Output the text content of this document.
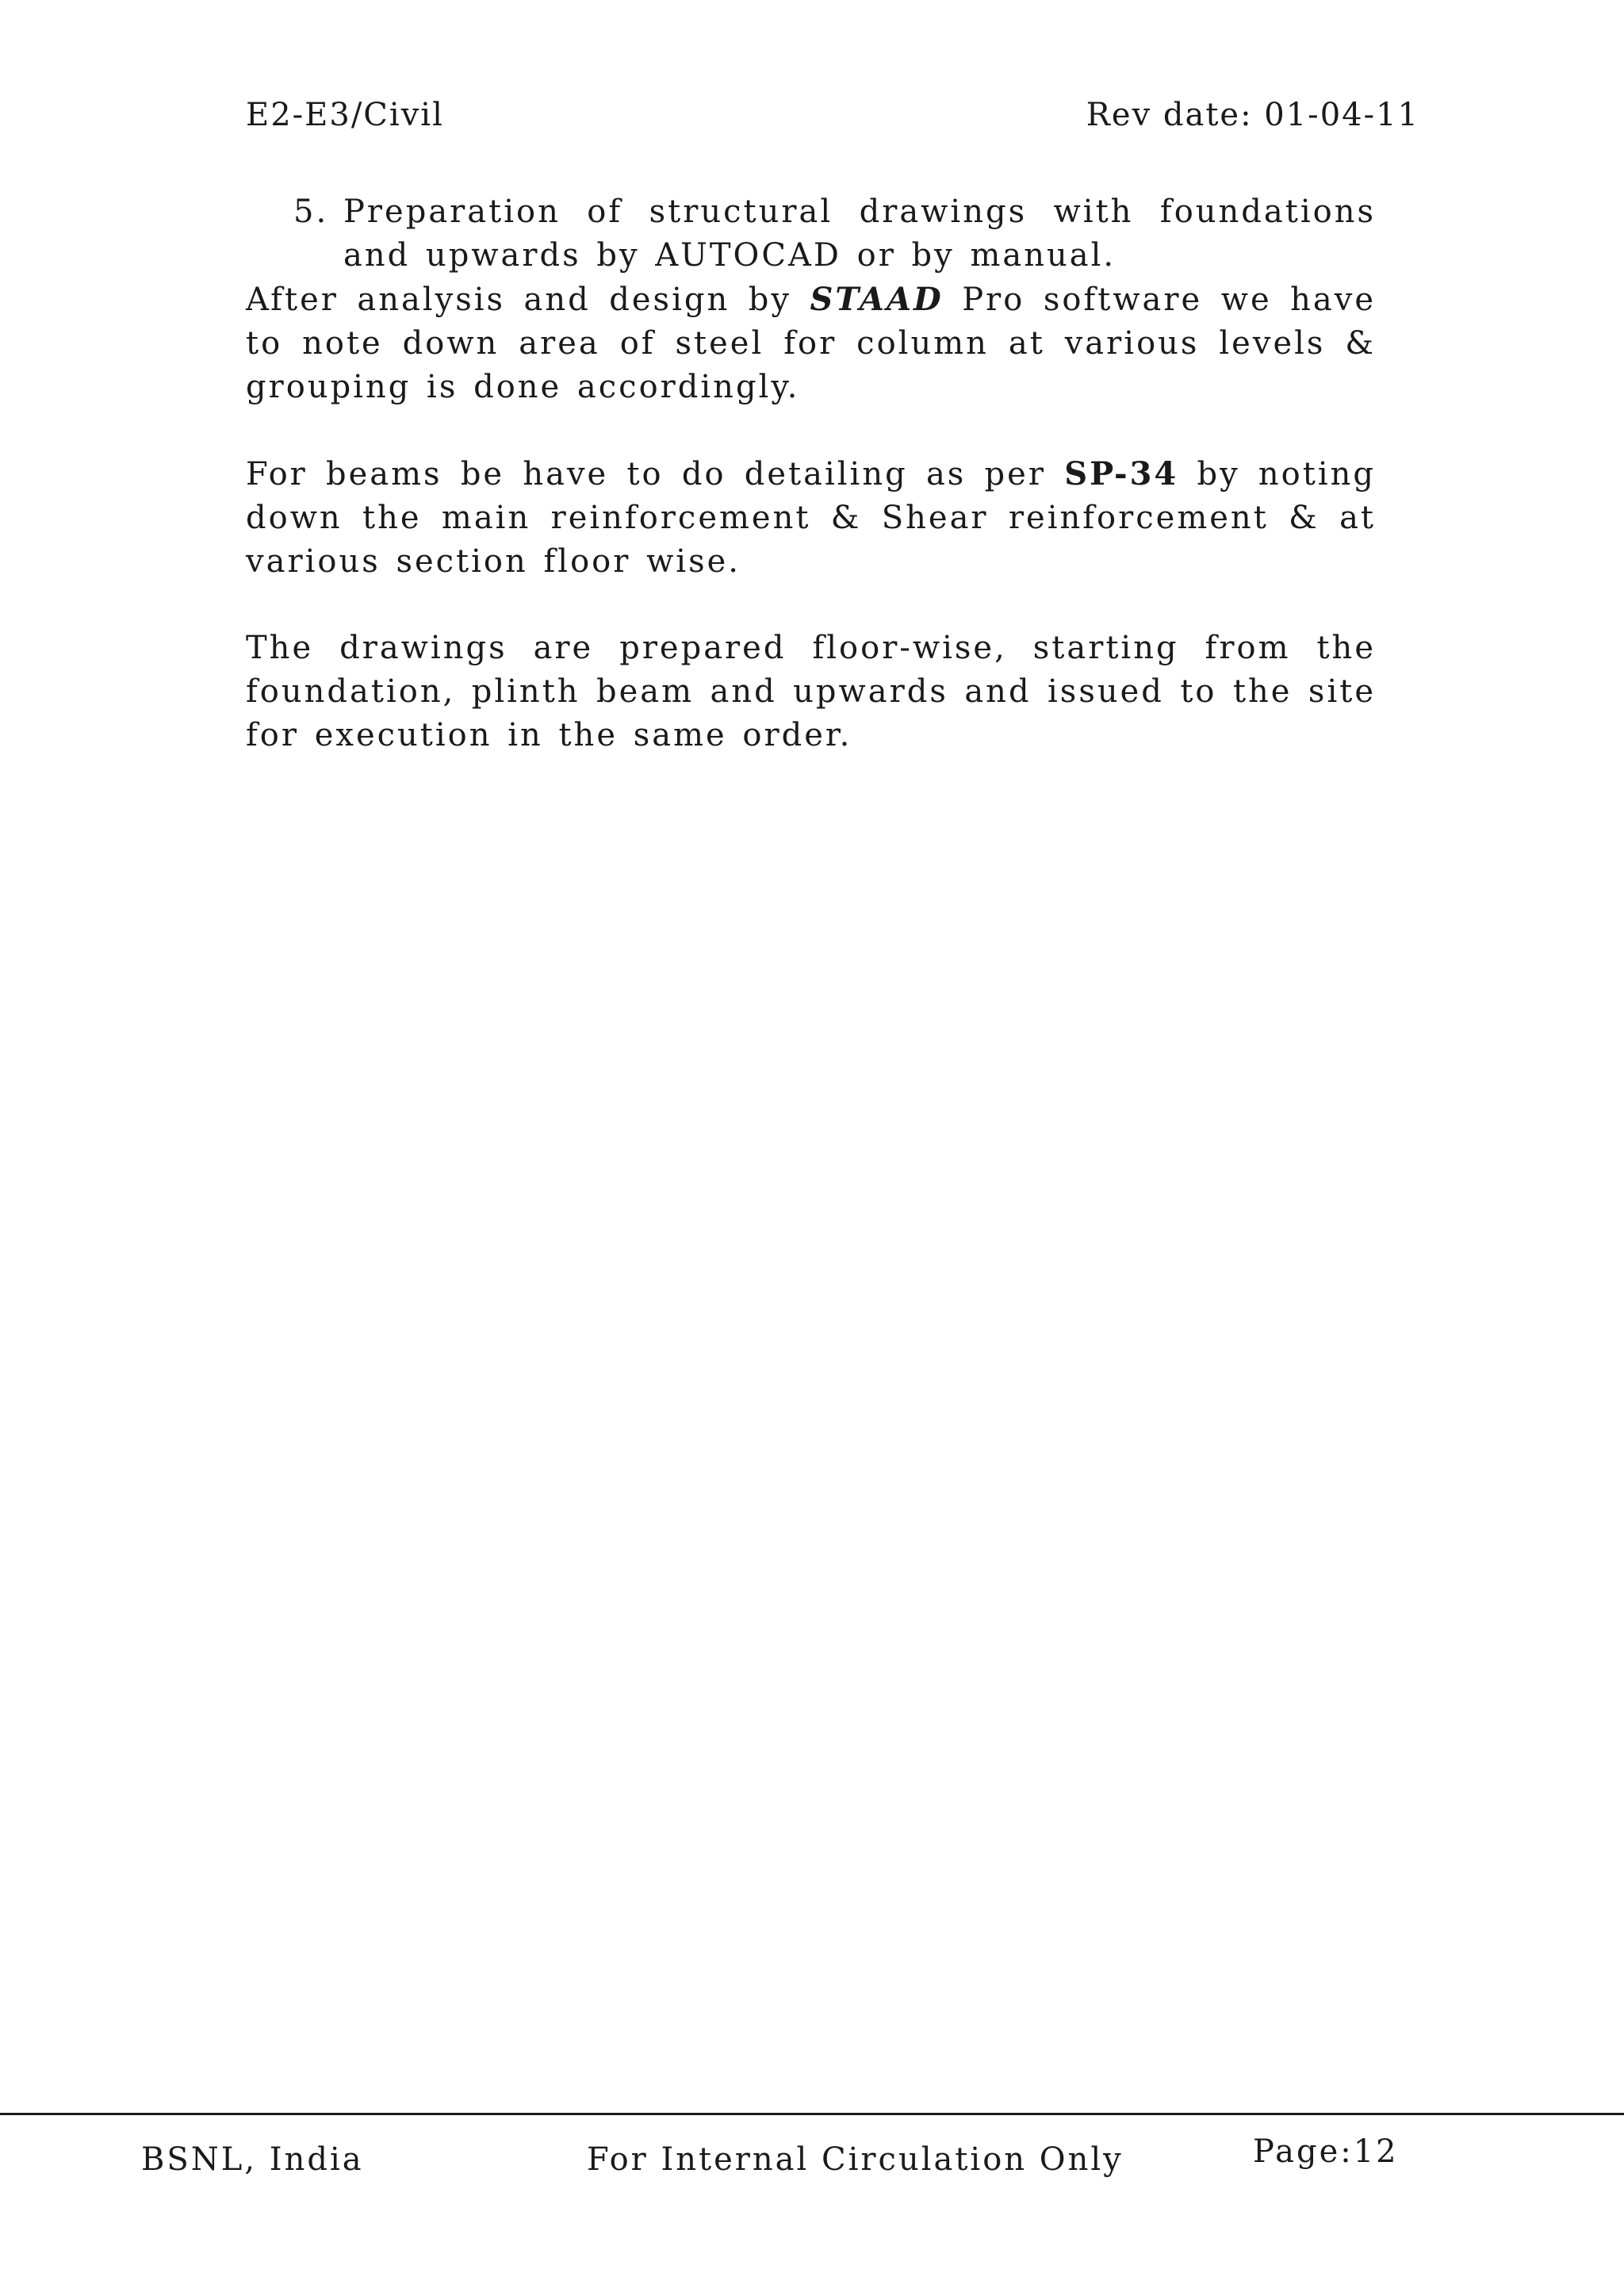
E2-E3/Civil	Rev date: 01-04-11
5. Preparation of structural drawings with foundations and upwards by AUTOCAD or by manual.

After analysis and design by STAAD Pro software we have to note down area of steel for column at various levels & grouping is done accordingly.

For beams be have to do detailing as per SP-34 by noting down the main reinforcement & Shear reinforcement & at various section floor wise.

The drawings are prepared floor-wise, starting from the foundation, plinth beam and upwards and issued to the site for execution in the same order.

BSNL, India	For Internal Circulation Only	Page:12
